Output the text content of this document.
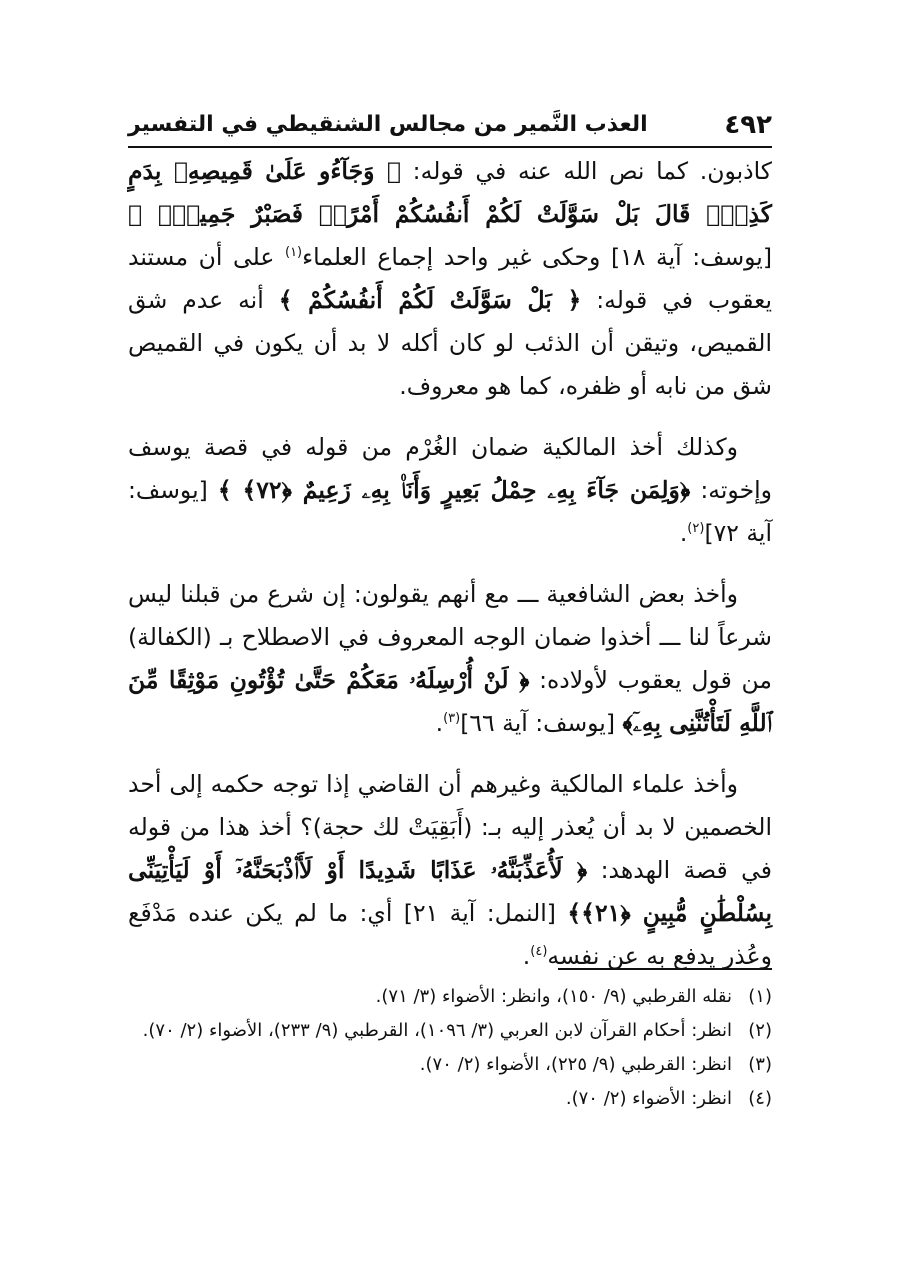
٤٩٢
العذب النَّمير من مجالس الشنقيطي في التفسير

كاذبون. كما نص الله عنه في قوله: ﴿ وَجَآءُو عَلَىٰ قَمِيصِهِۦ بِدَمٍ كَذِبٍۚ قَالَ بَلْ سَوَّلَتْ لَكُمْ أَنفُسُكُمْ أَمْرًاۖ فَصَبْرٌ جَمِيلٌۖ ﴾ [يوسف: آية ١٨] وحكى غير واحد إجماع العلماء$^{(١)}$ على أن مستند يعقوب في قوله: ﴿ بَلْ سَوَّلَتْ لَكُمْ أَنفُسُكُمْ ﴾ أنه عدم شق القميص، وتيقن أن الذئب لو كان أكله لا بد أن يكون في القميص شق من نابه أو ظفره، كما هو معروف.

وكذلك أخذ المالكية ضمان الغُرْم من قوله في قصة يوسف وإخوته: ﴿وَلِمَن جَآءَ بِهِۦ حِمْلُ بَعِيرٍ وَأَنَا۠ بِهِۦ زَعِيمٌ ﴿٧٢﴾ ﴾ [يوسف: آية ٧٢]$^{(٢)}$.

وأخذ بعض الشافعية ـــ مع أنهم يقولون: إن شرع من قبلنا ليس شرعاً لنا ـــ أخذوا ضمان الوجه المعروف في الاصطلاح بـ (الكفالة) من قول يعقوب لأولاده: ﴿ لَنْ أُرْسِلَهُۥ مَعَكُمْ حَتَّىٰ تُؤْتُونِ مَوْثِقًا مِّنَ ٱللَّهِ لَتَأْتُنَّنِى بِهِۦٓ﴾ [يوسف: آية ٦٦]$^{(٣)}$.

وأخذ علماء المالكية وغيرهم أن القاضي إذا توجه حكمه إلى أحد الخصمين لا بد أن يُعذر إليه بـ: (أَبَقِيَتْ لك حجة)؟ أخذ هذا من قوله في قصة الهدهد: ﴿ لَأُعَذِّبَنَّهُۥ عَذَابًا شَدِيدًا أَوْ لَأَا۟ذْبَحَنَّهُۥٓ أَوْ لَيَأْتِيَنِّى بِسُلْطَٰنٍ مُّبِينٍ ﴿٢١﴾﴾ [النمل: آية ٢١] أي: ما لم يكن عنده مَدْفَع وعُذر يدفع به عن نفسه$^{(٤)}$.

(١)
نقله القرطبي (٩/ ١٥٠)، وانظر: الأضواء (٣/ ٧١).

(٢)
انظر: أحكام القرآن لابن العربي (٣/ ١٠٩٦)، القرطبي (٩/ ٢٣٣)، الأضواء (٢/ ٧٠).

(٣)
انظر: القرطبي (٩/ ٢٢٥)، الأضواء (٢/ ٧٠).

(٤)
انظر: الأضواء (٢/ ٧٠).
